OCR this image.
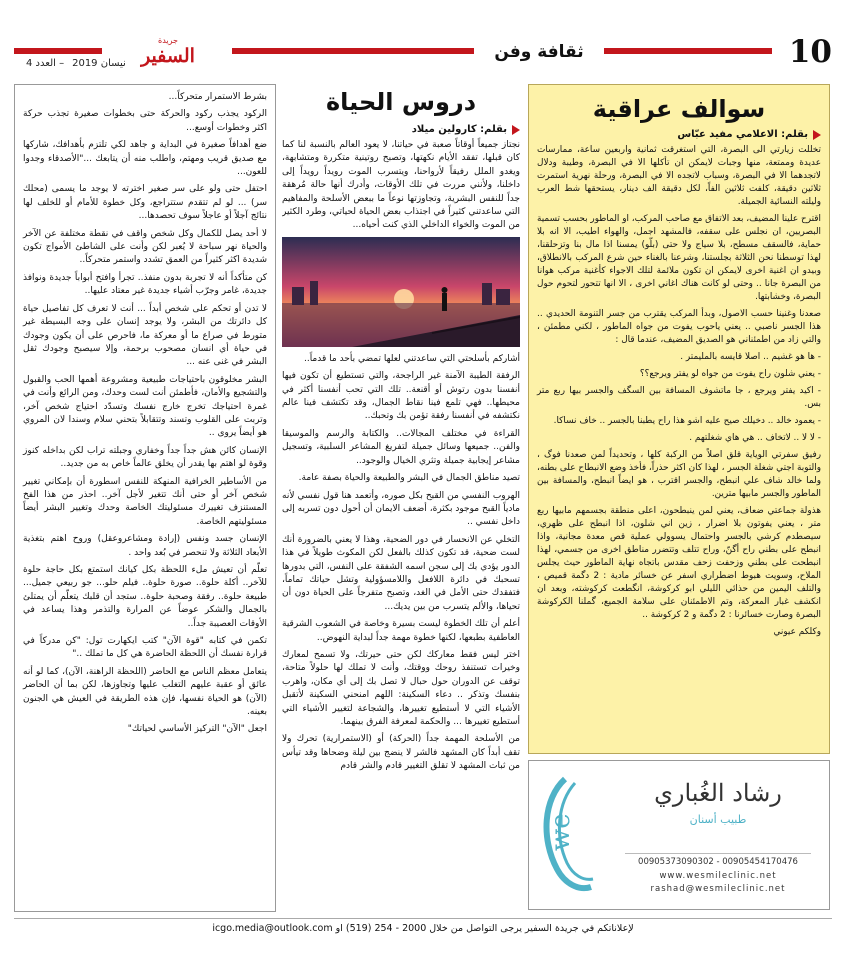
10
ثقافة وفن
جريدة
السفير
نيسان 2019– العدد 4
سوالف عراقية
بقلم: الاعلامي مفيد عبّاس

تخللت زيارتي الى البصرة، التي استغرقت ثمانية واربعين ساعة، ممارسات عديدة وممتعة، منها وجبات لايمكن ان تأكلها الا في البصرة، وطيبة ودلال لاتجدهما الا في البصرة، وسباب لاتجده الا في البصرة، ورحلة نهرية استمرت ثلاثين دقيقة، كلفت ثلاثين الفاً، لكل دقيقة الف دينار، يستحقها شط العرب وليلته النسائية الجميلة.

اقترح علينا المضيف، بعد الاتفاق مع صاحب المركب، او الماطور بحسب تسمية البصريين، ان نجلس على سقفه، فالمشهد اجمل، والهواء اطيب، الا انه بلا حماية، فالسقف مسطح، بلا سياج ولا حتى (بلّو) يمسنا اذا مال بنا وتزحلقنا، لهذا توسطنا نحن الثلاثة بجلستنا، وشرعنا بالغناء حين شرع المركب بالانطلاق، وبيدو ان اغنية اخرى لايمكن ان تكون ملائمة لتلك الاجواء كأغنية مركب هوانا من البصرة جانا .. وحتى لو كانت هناك اغاني اخرى ، الا انها تتحور لتحوم حول البصرة، وخشابتها.

صعدنا وغنينا حسب الاصول، وبدأ المركب يقترب من جسر التنومة الحديدي .. هذا الجسر ناصبي .. يعني ياحوب يفوت من جواه الماطور ، لكني مطمئن ، والتي زاد من اطمئناني هو الصديق المضيف، عندما قال :

- ها هو غشيم .. اصلا قايسه بالمليمتر .

- يعني شلون راح يفوت من جواه لو يفتر ويرجع؟؟

- اكيد يفتر ويرجع ، جا ماتشوف المسافة بين السگف والجسر بيها ربع متر بس.

- يعمود خالد .. دخيلك صيح عليه اشو هذا راح يطبنا بالجسر .. خاف نساكا.

- لا لا .. لاتخاف .. هي هاي شغلتهم .

رفيق سفرتي الوياية قلق اصلاً من الركبة كلها ، وتحديداً لمن صعدنا فوگ ، والتوبة اجتي شغلة الجسر ، لهذا كان اكثر حذراً، فأخذ وضع الانبطاح على بطنه، ولما خالد شاف علي انبطح، والجسر اقترب ، هو ايضاً انبطح، والمسافة بين الماطور والجسر مابيها مترين.

هذولة جماعتي ضعاف، يعني لمن ينبطحون، اعلى منطقة بجسمهم مابيها ربع متر ، يعني يفوتون بلا اضرار ، زين اني شلون، اذا انبطح على ظهري، سيصطدم كرشي بالجسر واحتمال يسوولي عملية قص معدة مجانية، واذا انبطح على بطني راح أگنّ، وراح تتلف وتتضرر مناطق اخرى من جسمي، لهذا انبطحت على بطني وزحفت زحف مقدس باتجاه نهاية الماطور حيث يجلس الملاح، وسويت هبوط اضطراري اسفر عن خسائر مادية : 2 دگمة قميص ، والتلف اليمين من حذائي الليلي ابو كركوشة، انگطعت كركوشته، وبعد ان انكشف غبار المعركة، وتم الاطمئنان على سلامة الجميع، گملنا الكركوشة البصرة وصارت خسائرنا : 2 دگمة و 2 كركوشة ..

وكلكم عيوني

we
رشاد الغُباري
طبيب أسنان
00905373090302 - 00905454170476
www.wesmileclinic.net
rashad@wesmileclinic.net
دروس الحياة
بقلم: كارولين ميلاد

نجتاز جميعاً أوقاتاً صعبة في حياتنا، لا يعود العالم بالنسبة لنا كما كان قبلها، تفقد الأيام نكهتها، وتصبح روتينية متكررة ومتشابهة، ويغدو الملل رفيقاً لأرواحنا، ويتسرب الموت رويداً رويداً إلى داخلنا، ولأنني مررت في تلك الأوقات، وأدرك أنها حالة مُرهقة جداً للنفس البشرية، وتجاوزتها نوعاً ما ببعض الأسلحة والمفاهيم التي ساعدتني كثيراً في اجتذاب بعض الحياة لحياتي، وطرد الكثير من الموت والخواء الداخلي الذي كنت أحياه...

أشاركم بأسلحتي التي ساعدتني لعلها تمضي بأحد ما قدماً..

الرفقة الطيبة الآمنة غير الراجحة، والتي تستطيع أن تكون فيها أنفسنا بدون رتوش أو أقنعة.. تلك التي تحب أنفسنا أكثر في محيطها.. فهي تلمع فينا نقاط الجمال، وقد تكتشف فينا عالم نكتشفه في أنفسنا رفقة تؤمن بك وتحبك..

القراءة في مختلف المجالات.. والكتابة والرسم والموسيقا والفن.. جميعها وسائل جميلة لتفريغ المشاعر السلبية، وتسجيل مشاعر إيجابية جميلة وتثري الخيال والوجود..

تصيد مناطق الجمال في البشر والطبيعة والحياة بصفة عامة.

الهروب النفسي من القبح بكل صوره، وأتعمد هنا قول نفسي لأنه مادياً القبح موجود بكثرة، أضعف الايمان أن أحول دون تسربه إلى داخل نفسي ..

التخلي عن الانحسار في دور الضحية، وهذا لا يعني بالضرورة أنك لست ضحية، قد تكون كذلك بالفعل لكن المكوث طويلاً في هذا الدور يؤدي بك إلى سجن اسمه الشفقة على النفس، التي بدورها تسحبك في دائرة اللافعل واللامسؤولية وتشل حياتك تماماً، فتفقدك حتى الأمل في الغد، وتصبح متفرجاً على الحياة دون أن تحياها، والألم يتسرب من بين يديك...

أعلم أن تلك الخطوة ليست بسيرة وخاصة في الشعوب الشرقية العاطفية بطبعها، لكنها خطوة مهمة جداً لبداية النهوض..

اختر ليس فقط معاركك لكن حتى حيرتك، ولا تسمح لمعارك وخيرات تستنفذ روحك ووقتك، وأنت لا تملك لها حلولاً متاحة، توقف عن الدوران حول حبال لا تصل بك إلى أي مكان، واهرب بنفسك وتذكر .. دعاء السكينة: اللهم امنحني السكينة لأتقبل الأشياء التي لا أستطيع تغييرها، والشجاعة لتغيير الأشياء التي أستطيع تغييرها ... والحكمة لمعرفة الفرق بينهما.

من الأسلحة المهمة جداً (الحركة) أو (الاستمرارية) تحرك ولا تقف أبداً كان المشهد فالشر لا ينضج بين ليلة وضحاها وقد تيأس من ثبات المشهد لا تقلق التغيير قادم والشر قادم

بشرط الاستمرار متحركاً...

الركود يجذب ركود والحركة حتى بخطوات صغيرة تجذب حركة اكثر وخطوات أوسع...

ضع أهدافاً صغيرة في البداية و جاهد لكي تلتزم بأهدافك، شاركها مع صديق قريب ومهتم، واطلب منه أن يتابعك ..."الأصدقاء وجدوا للعون...

احتفل حتى ولو على سر صغير اخترته لا يوجد ما يسمى (محلك سر) ... لو لم تتقدم ستتراجع، وكل خطوة للأمام أو للخلف لها نتائج آجلاً أو عاجلاً سوف تحصدها...

لا أحد يصل للكمال وكل شخص واقف في نقطة مختلفة عن الآخر والحياة نهر سباحة لا يُعبر لكن وأنت على الشاطئ الأمواج تكون شديدة اكثر كثيراً من العمق تشدد واستمر متحركاً..

كن متأكداً أنه لا تجربة بدون منفذ.. تجرأ وافتح أبواباً جديدة ونوافذ جديدة، غامر وجرّب أشياء جديدة غير معتاد عليها..

لا تدن أو تحكم على شخص أبداً ... أنت لا تعرف كل تفاصيل حياة كل دائرتك من البشر، ولا يوجد إنسان على وجه البسيطة غير متورط في صراع ما أو معركة ما، فاحرص على أن يكون وجودك في حياة أي انسان مصحوب برحمة، وإلا سيصبح وجودك ثقل البشر في غنى عنه ...

البشر مخلوقون باحتياجات طبيعية ومشروعة أهمها الحب والقبول والتشجيع والأمان، فأطمئن أنت لست وحدك، ومن الرائع وأنت في غمرة احتياجك تخرج خارج نفسك وتسدّد احتياج شخص آخر، وتربت على القلوب وتسند وتتقابلاً بتحني سلام وسندا لان المروي هو أيضاً يروى ..

الإنسان كائن هش جداً جداً وخفاري وجبلته تراب لكن بداخله كنوز وقوة لو اهتم بها يقدر أن يخلق عالماً خاص به من جديد..

من الأساطير الخرافية المنهكة للنفس اسطورة أن بإمكاني تغيير شخص آخر أو حتى أنك تتغير لأجل آخر.. احذر من هذا الفخ المستنزف تغييرك مسئوليتك الخاصة وحدك وتغيير البشر أيضاً مسئوليتهم الخاصة.

الإنسان جسد ونفس (إرادة ومشاعروعقل) وروح اهتم بتغذية الأبعاد الثلاثة ولا تنحصر في بُعد واحد .

تعلّم أن تعيش ملء اللحظة بكل كيانك استمتع بكل حاجة حلوة للآخر.. أكلة حلوة.. صورة حلوة.. فيلم حلو... جو ربيعي جميل... طبيعة حلوة.. رفقة وصحبة حلوة.. ستجد أن قلبك يتعلّم أن يمتلئ بالجمال والشكر عوضاً عن المرارة والتذمر وهذا يساعد في الأوقات العصيبة جداً..

تكمن في كتابه "قوة الآن" كتب ايكهارت تول: "كن مدركاً في قرارة نفسك أن اللحظة الحاضرة هي كل ما تملك .."

يتعامل معظم الناس مع الحاضر (اللحظة الراهنة، الآن)، كما لو أنه عائق أو عقبة عليهم التغلب عليها وتجاوزها، لكن بما أن الحاضر (الآن) هو الحياة نفسها، فإن هذه الطريقة في العيش هي الجنون بعينه.

اجعل "الآن" التركيز الأساسي لحياتك"

لإعلاناتكم في جريدة السفير يرجى التواصل من خلال 2000 - 254 (519) او icgo.media@outlook.com
